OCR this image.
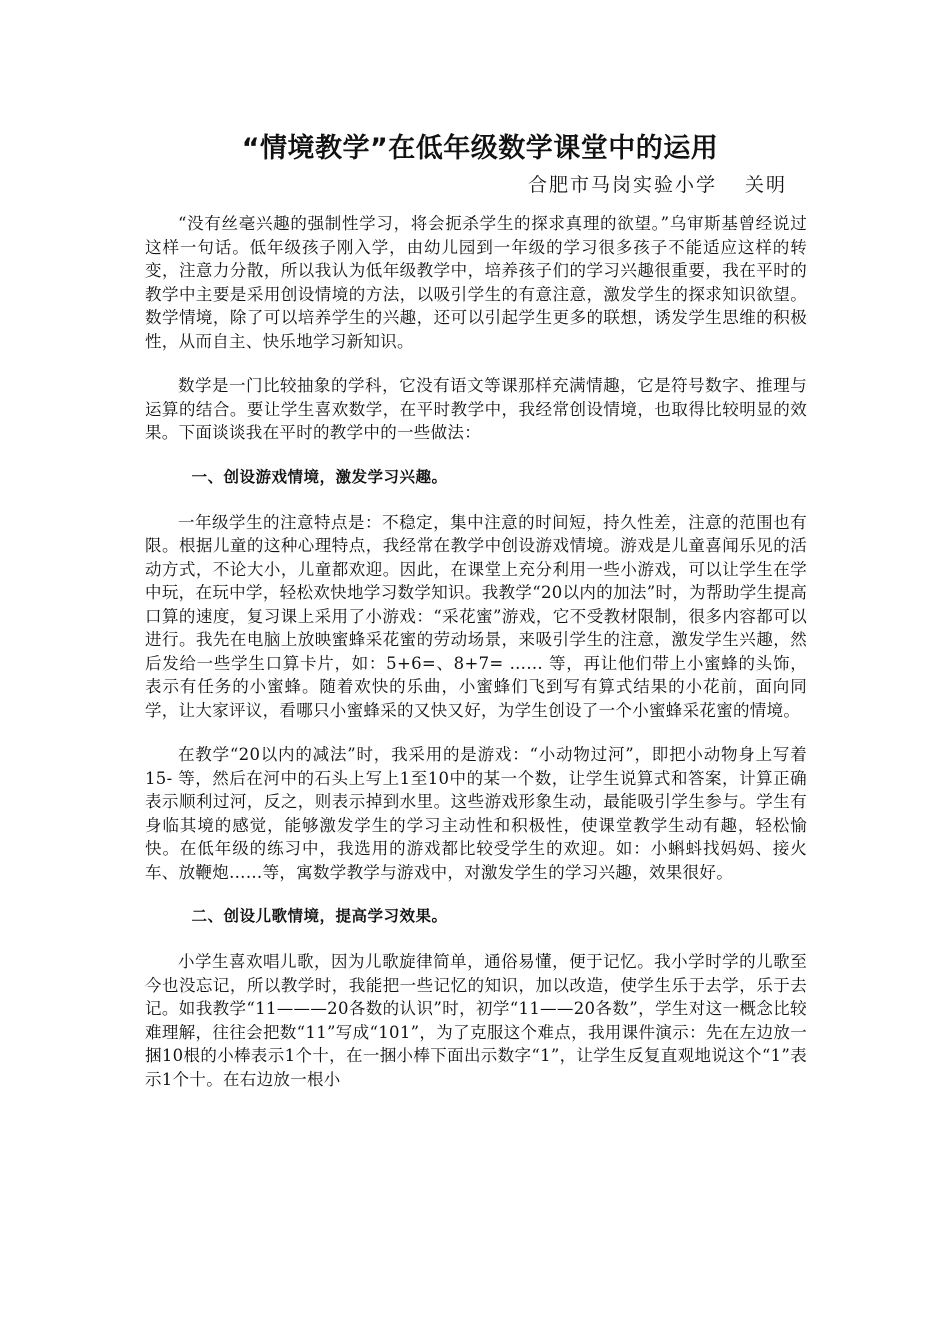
“情境教学”在低年级数学课堂中的运用
合肥市马岗实验小学 关明

“没有丝毫兴趣的强制性学习，将会扼杀学生的探求真理的欲望。”乌审斯基曾经说过这样一句话。低年级孩子刚入学，由幼儿园到一年级的学习很多孩子不能适应这样的转变，注意力分散，所以我认为低年级教学中，培养孩子们的学习兴趣很重要，我在平时的教学中主要是采用创设情境的方法，以吸引学生的有意注意，激发学生的探求知识欲望。数学情境，除了可以培养学生的兴趣，还可以引起学生更多的联想，诱发学生思维的积极性，从而自主、快乐地学习新知识。

数学是一门比较抽象的学科，它没有语文等课那样充满情趣，它是符号数字、推理与运算的结合。要让学生喜欢数学，在平时教学中，我经常创设情境，也取得比较明显的效果。下面谈谈我在平时的教学中的一些做法：

一、创设游戏情境，激发学习兴趣。

一年级学生的注意特点是：不稳定，集中注意的时间短，持久性差，注意的范围也有限。根据儿童的这种心理特点，我经常在教学中创设游戏情境。游戏是儿童喜闻乐见的活动方式，不论大小，儿童都欢迎。因此，在课堂上充分利用一些小游戏，可以让学生在学中玩，在玩中学，轻松欢快地学习数学知识。我教学“20以内的加法”时，为帮助学生提高口算的速度，复习课上采用了小游戏：“采花蜜”游戏，它不受教材限制，很多内容都可以进行。我先在电脑上放映蜜蜂采花蜜的劳动场景，来吸引学生的注意，激发学生兴趣，然后发给一些学生口算卡片，如：5+6=、8+7= …… 等，再让他们带上小蜜蜂的头饰，表示有任务的小蜜蜂。随着欢快的乐曲，小蜜蜂们飞到写有算式结果的小花前，面向同学，让大家评议，看哪只小蜜蜂采的又快又好，为学生创设了一个小蜜蜂采花蜜的情境。

在教学“20以内的减法”时，我采用的是游戏：“小动物过河”，即把小动物身上写着 15- 等，然后在河中的石头上写上1至10中的某一个数，让学生说算式和答案，计算正确表示顺利过河，反之，则表示掉到水里。这些游戏形象生动，最能吸引学生参与。学生有身临其境的感觉，能够激发学生的学习主动性和积极性，使课堂教学生动有趣，轻松愉快。在低年级的练习中，我选用的游戏都比较受学生的欢迎。如：小蝌蚪找妈妈、接火车、放鞭炮……等，寓数学教学与游戏中，对激发学生的学习兴趣，效果很好。

二、创设儿歌情境，提高学习效果。

小学生喜欢唱儿歌，因为儿歌旋律简单，通俗易懂，便于记忆。我小学时学的儿歌至今也没忘记，所以教学时，我能把一些记忆的知识，加以改造，使学生乐于去学，乐于去记。如我教学“11———20各数的认识”时，初学“11——20各数”，学生对这一概念比较难理解，往往会把数“11”写成“101”，为了克服这个难点，我用课件演示：先在左边放一捆10根的小棒表示1个十，在一捆小棒下面出示数字“1”，让学生反复直观地说这个“1”表示1个十。在右边放一根小
